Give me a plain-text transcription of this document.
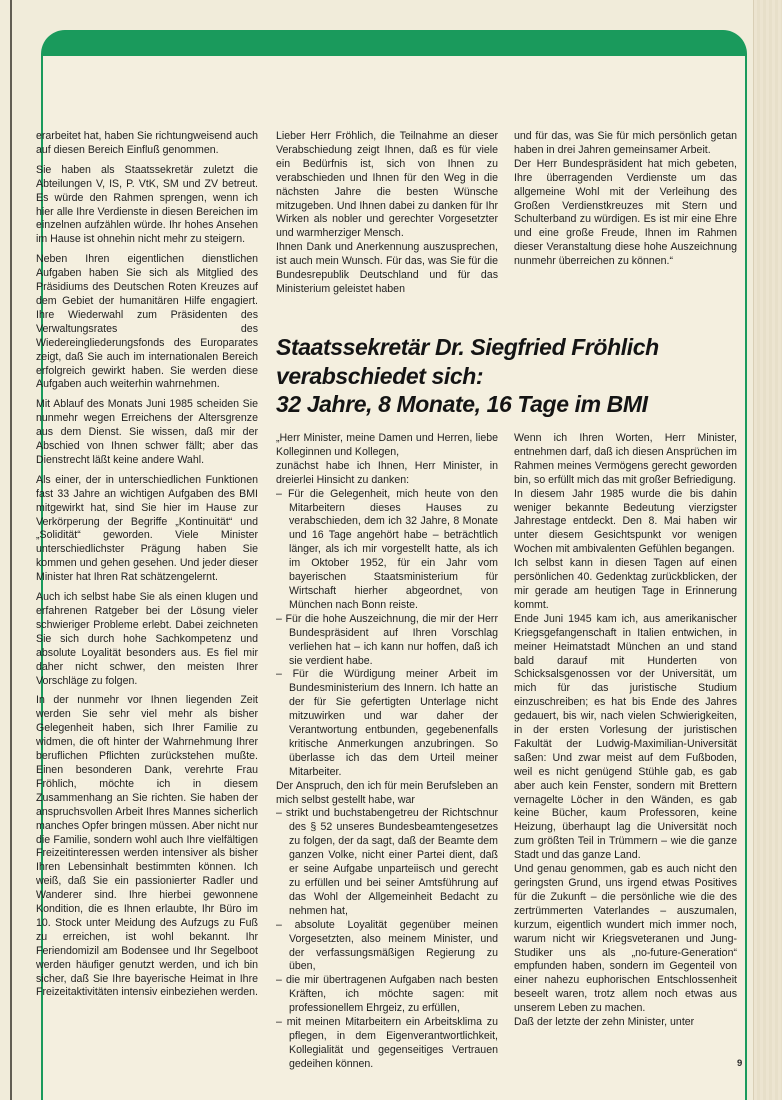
erarbeitet hat, haben Sie richtungweisend auch auf diesen Bereich Einfluß genommen.

Sie haben als Staatssekretär zuletzt die Abteilungen V, IS, P. VtK, SM und ZV betreut. Es würde den Rahmen sprengen, wenn ich hier alle Ihre Verdienste in diesen Bereichen im einzelnen aufzählen würde. Ihr hohes Ansehen im Hause ist ohnehin nicht mehr zu steigern.

Neben Ihren eigentlichen dienstlichen Aufgaben haben Sie sich als Mitglied des Präsidiums des Deutschen Roten Kreuzes auf dem Gebiet der humanitären Hilfe engagiert. Ihre Wiederwahl zum Präsidenten des Verwaltungsrates des Wiedereingliederungsfonds des Europarates zeigt, daß Sie auch im internationalen Bereich erfolgreich gewirkt haben. Sie werden diese Aufgaben auch weiterhin wahrnehmen.

Mit Ablauf des Monats Juni 1985 scheiden Sie nunmehr wegen Erreichens der Altersgrenze aus dem Dienst. Sie wissen, daß mir der Abschied von Ihnen schwer fällt; aber das Dienstrecht läßt keine andere Wahl.

Als einer, der in unterschiedlichen Funktionen fast 33 Jahre an wichtigen Aufgaben des BMI mitgewirkt hat, sind Sie hier im Hause zur Verkörperung der Begriffe „Kontinuität“ und „Solidität“ geworden. Viele Minister unterschiedlichster Prägung haben Sie kommen und gehen gesehen. Und jeder dieser Minister hat Ihren Rat schätzengelernt.

Auch ich selbst habe Sie als einen klugen und erfahrenen Ratgeber bei der Lösung vieler schwieriger Probleme erlebt. Dabei zeichneten Sie sich durch hohe Sachkompetenz und absolute Loyalität besonders aus. Es fiel mir daher nicht schwer, den meisten Ihrer Vorschläge zu folgen.

In der nunmehr vor Ihnen liegenden Zeit werden Sie sehr viel mehr als bisher Gelegenheit haben, sich Ihrer Familie zu widmen, die oft hinter der Wahrnehmung Ihrer beruflichen Pflichten zurückstehen mußte. Einen besonderen Dank, verehrte Frau Fröhlich, möchte ich in diesem Zusammenhang an Sie richten. Sie haben der anspruchsvollen Arbeit Ihres Mannes sicherlich manches Opfer bringen müssen. Aber nicht nur die Familie, sondern wohl auch Ihre vielfältigen Freizeitinteressen werden intensiver als bisher Ihren Lebensinhalt bestimmten können. Ich weiß, daß Sie ein passionierter Radler und Wanderer sind. Ihre hierbei gewonnene Kondition, die es Ihnen erlaubte, Ihr Büro im 10. Stock unter Meidung des Aufzugs zu Fuß zu erreichen, ist wohl bekannt. Ihr Feriendomizil am Bodensee und Ihr Segelboot werden häufiger genutzt werden, und ich bin sicher, daß Sie Ihre bayerische Heimat in Ihre Freizeitaktivitäten intensiv einbeziehen werden.

Lieber Herr Fröhlich, die Teilnahme an dieser Verabschiedung zeigt Ihnen, daß es für viele ein Bedürfnis ist, sich von Ihnen zu verabschieden und Ihnen für den Weg in die nächsten Jahre die besten Wünsche mitzugeben. Und Ihnen dabei zu danken für Ihr Wirken als nobler und gerechter Vorgesetzter und warmherziger Mensch.

Ihnen Dank und Anerkennung auszusprechen, ist auch mein Wunsch. Für das, was Sie für die Bundesrepublik Deutschland und für das Ministerium geleistet haben

und für das, was Sie für mich persönlich getan haben in drei Jahren gemeinsamer Arbeit.

Der Herr Bundespräsident hat mich gebeten, Ihre überragenden Verdienste um das allgemeine Wohl mit der Verleihung des Großen Verdienstkreuzes mit Stern und Schulterband zu würdigen. Es ist mir eine Ehre und eine große Freude, Ihnen im Rahmen dieser Veranstaltung diese hohe Auszeichnung nunmehr überreichen zu können.“

Staatssekretär Dr. Siegfried Fröhlich
verabschiedet sich:
32 Jahre, 8 Monate, 16 Tage im BMI

„Herr Minister, meine Damen und Herren, liebe Kolleginnen und Kollegen,

zunächst habe ich Ihnen, Herr Minister, in dreierlei Hinsicht zu danken:

– Für die Gelegenheit, mich heute von den Mitarbeitern dieses Hauses zu verabschieden, dem ich 32 Jahre, 8 Monate und 16 Tage angehört habe – beträchtlich länger, als ich mir vorgestellt hatte, als ich im Oktober 1952, für ein Jahr vom bayerischen Staatsministerium für Wirtschaft hierher abgeordnet, von München nach Bonn reiste.

– Für die hohe Auszeichnung, die mir der Herr Bundespräsident auf Ihren Vorschlag verliehen hat – ich kann nur hoffen, daß ich sie verdient habe.

– Für die Würdigung meiner Arbeit im Bundesministerium des Innern. Ich hatte an der für Sie gefertigten Unterlage nicht mitzuwirken und war daher der Verantwortung entbunden, gegebenenfalls kritische Anmerkungen anzubringen. So überlasse ich das dem Urteil meiner Mitarbeiter.

Der Anspruch, den ich für mein Berufsleben an mich selbst gestellt habe, war

– strikt und buchstabengetreu der Richtschnur des § 52 unseres Bundesbeamtengesetzes zu folgen, der da sagt, daß der Beamte dem ganzen Volke, nicht einer Partei dient, daß er seine Aufgabe unparteiisch und gerecht zu erfüllen und bei seiner Amtsführung auf das Wohl der Allgemeinheit Bedacht zu nehmen hat,

– absolute Loyalität gegenüber meinen Vorgesetzten, also meinem Minister, und der verfassungsmäßigen Regierung zu üben,

– die mir übertragenen Aufgaben nach besten Kräften, ich möchte sagen: mit professionellem Ehrgeiz, zu erfüllen,

– mit meinen Mitarbeitern ein Arbeitsklima zu pflegen, in dem Eigenverantwortlichkeit, Kollegialität und gegenseitiges Vertrauen gedeihen können.

Wenn ich Ihren Worten, Herr Minister, entnehmen darf, daß ich diesen Ansprüchen im Rahmen meines Vermögens gerecht geworden bin, so erfüllt mich das mit großer Befriedigung.

In diesem Jahr 1985 wurde die bis dahin weniger bekannte Bedeutung vierzigster Jahrestage entdeckt. Den 8. Mai haben wir unter diesem Gesichtspunkt vor wenigen Wochen mit ambivalenten Gefühlen begangen.

Ich selbst kann in diesen Tagen auf einen persönlichen 40. Gedenktag zurückblicken, der mir gerade am heutigen Tage in Erinnerung kommt.

Ende Juni 1945 kam ich, aus amerikanischer Kriegsgefangenschaft in Italien entwichen, in meiner Heimatstadt München an und stand bald darauf mit Hunderten von Schicksalsgenossen vor der Universität, um mich für das juristische Studium einzuschreiben; es hat bis Ende des Jahres gedauert, bis wir, nach vielen Schwierigkeiten, in der ersten Vorlesung der juristischen Fakultät der Ludwig-Maximilian-Universität saßen: Und zwar meist auf dem Fußboden, weil es nicht genügend Stühle gab, es gab aber auch kein Fenster, sondern mit Brettern vernagelte Löcher in den Wänden, es gab keine Bücher, kaum Professoren, keine Heizung, überhaupt lag die Universität noch zum größten Teil in Trümmern – wie die ganze Stadt und das ganze Land.

Und genau genommen, gab es auch nicht den geringsten Grund, uns irgend etwas Positives für die Zukunft – die persönliche wie die des zertrümmerten Vaterlandes – auszumalen, kurzum, eigentlich wundert mich immer noch, warum nicht wir Kriegsveteranen und Jung-Studiker uns als „no-future-Generation“ empfunden haben, sondern im Gegenteil von einer nahezu euphorischen Entschlossenheit beseelt waren, trotz allem noch etwas aus unserem Leben zu machen.

Daß der letzte der zehn Minister, unter

9
